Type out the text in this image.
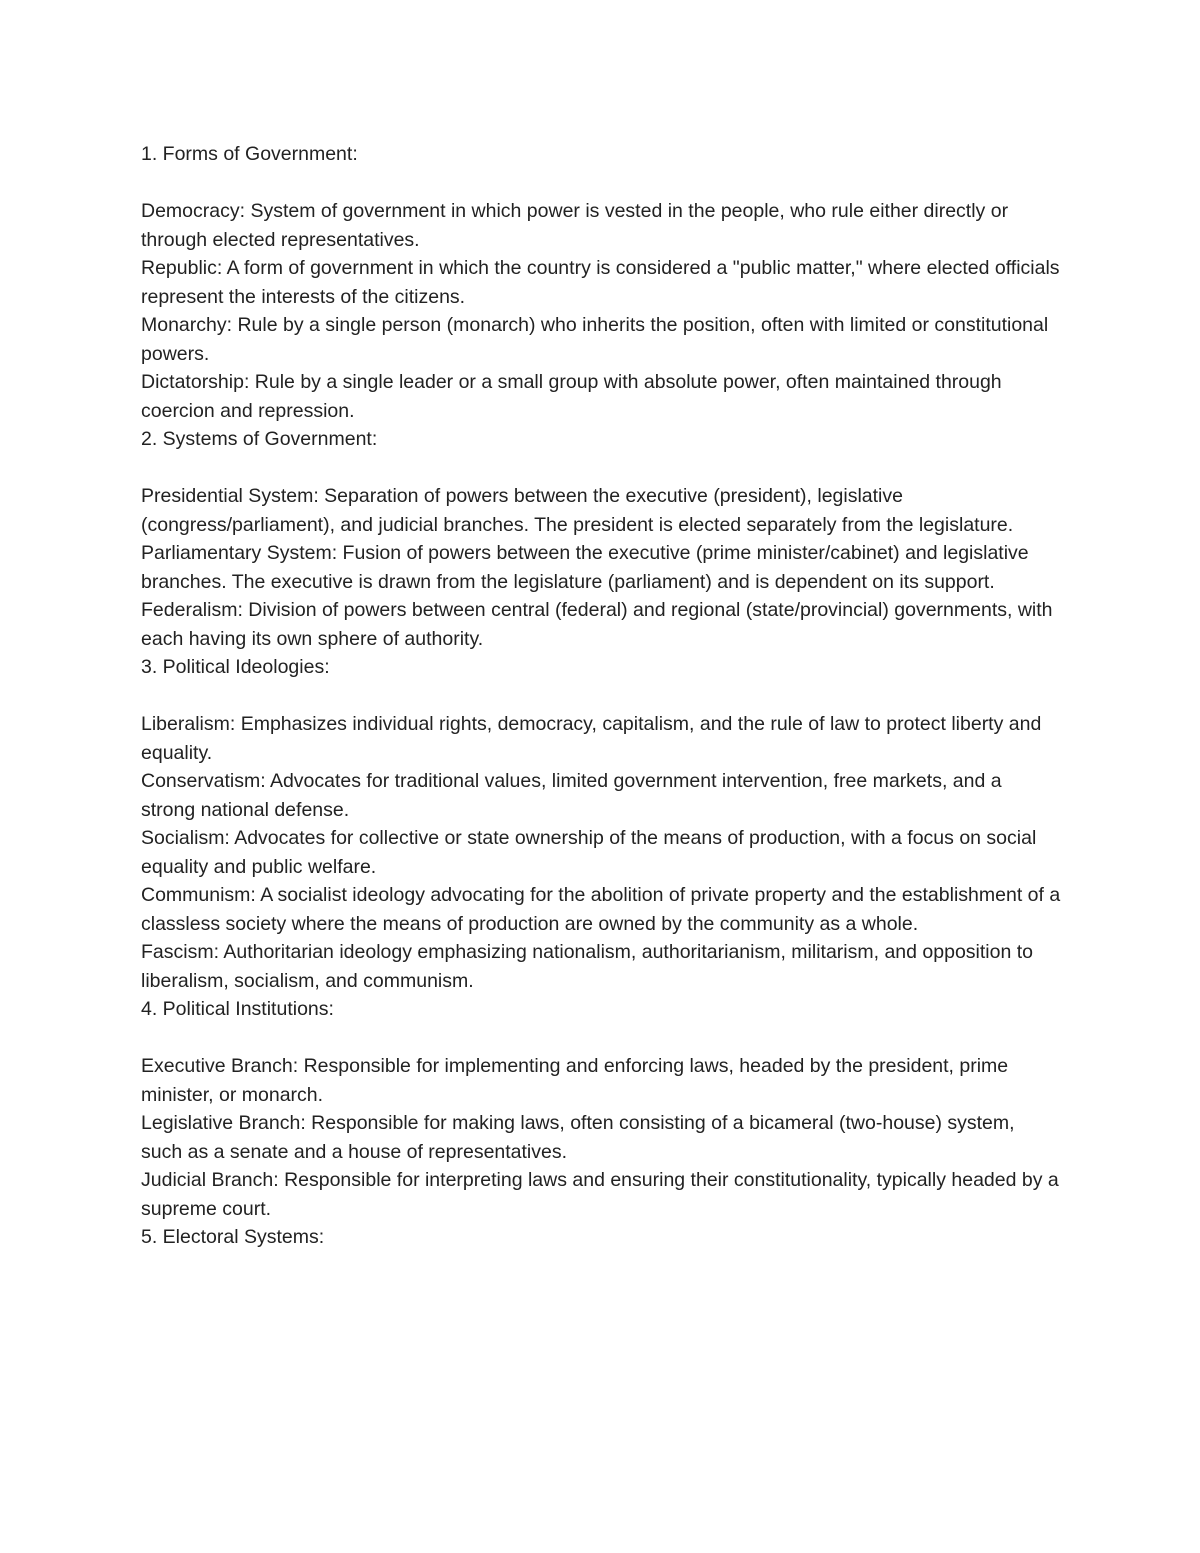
1. Forms of Government:

Democracy: System of government in which power is vested in the people, who rule either directly or through elected representatives.

Republic: A form of government in which the country is considered a "public matter," where elected officials represent the interests of the citizens.

Monarchy: Rule by a single person (monarch) who inherits the position, often with limited or constitutional powers.

Dictatorship: Rule by a single leader or a small group with absolute power, often maintained through coercion and repression.

2. Systems of Government:

Presidential System: Separation of powers between the executive (president), legislative (congress/parliament), and judicial branches. The president is elected separately from the legislature.

Parliamentary System: Fusion of powers between the executive (prime minister/cabinet) and legislative branches. The executive is drawn from the legislature (parliament) and is dependent on its support.

Federalism: Division of powers between central (federal) and regional (state/provincial) governments, with each having its own sphere of authority.

3. Political Ideologies:

Liberalism: Emphasizes individual rights, democracy, capitalism, and the rule of law to protect liberty and equality.

Conservatism: Advocates for traditional values, limited government intervention, free markets, and a strong national defense.

Socialism: Advocates for collective or state ownership of the means of production, with a focus on social equality and public welfare.

Communism: A socialist ideology advocating for the abolition of private property and the establishment of a classless society where the means of production are owned by the community as a whole.

Fascism: Authoritarian ideology emphasizing nationalism, authoritarianism, militarism, and opposition to liberalism, socialism, and communism.

4. Political Institutions:

Executive Branch: Responsible for implementing and enforcing laws, headed by the president, prime minister, or monarch.

Legislative Branch: Responsible for making laws, often consisting of a bicameral (two-house) system, such as a senate and a house of representatives.

Judicial Branch: Responsible for interpreting laws and ensuring their constitutionality, typically headed by a supreme court.

5. Electoral Systems:
